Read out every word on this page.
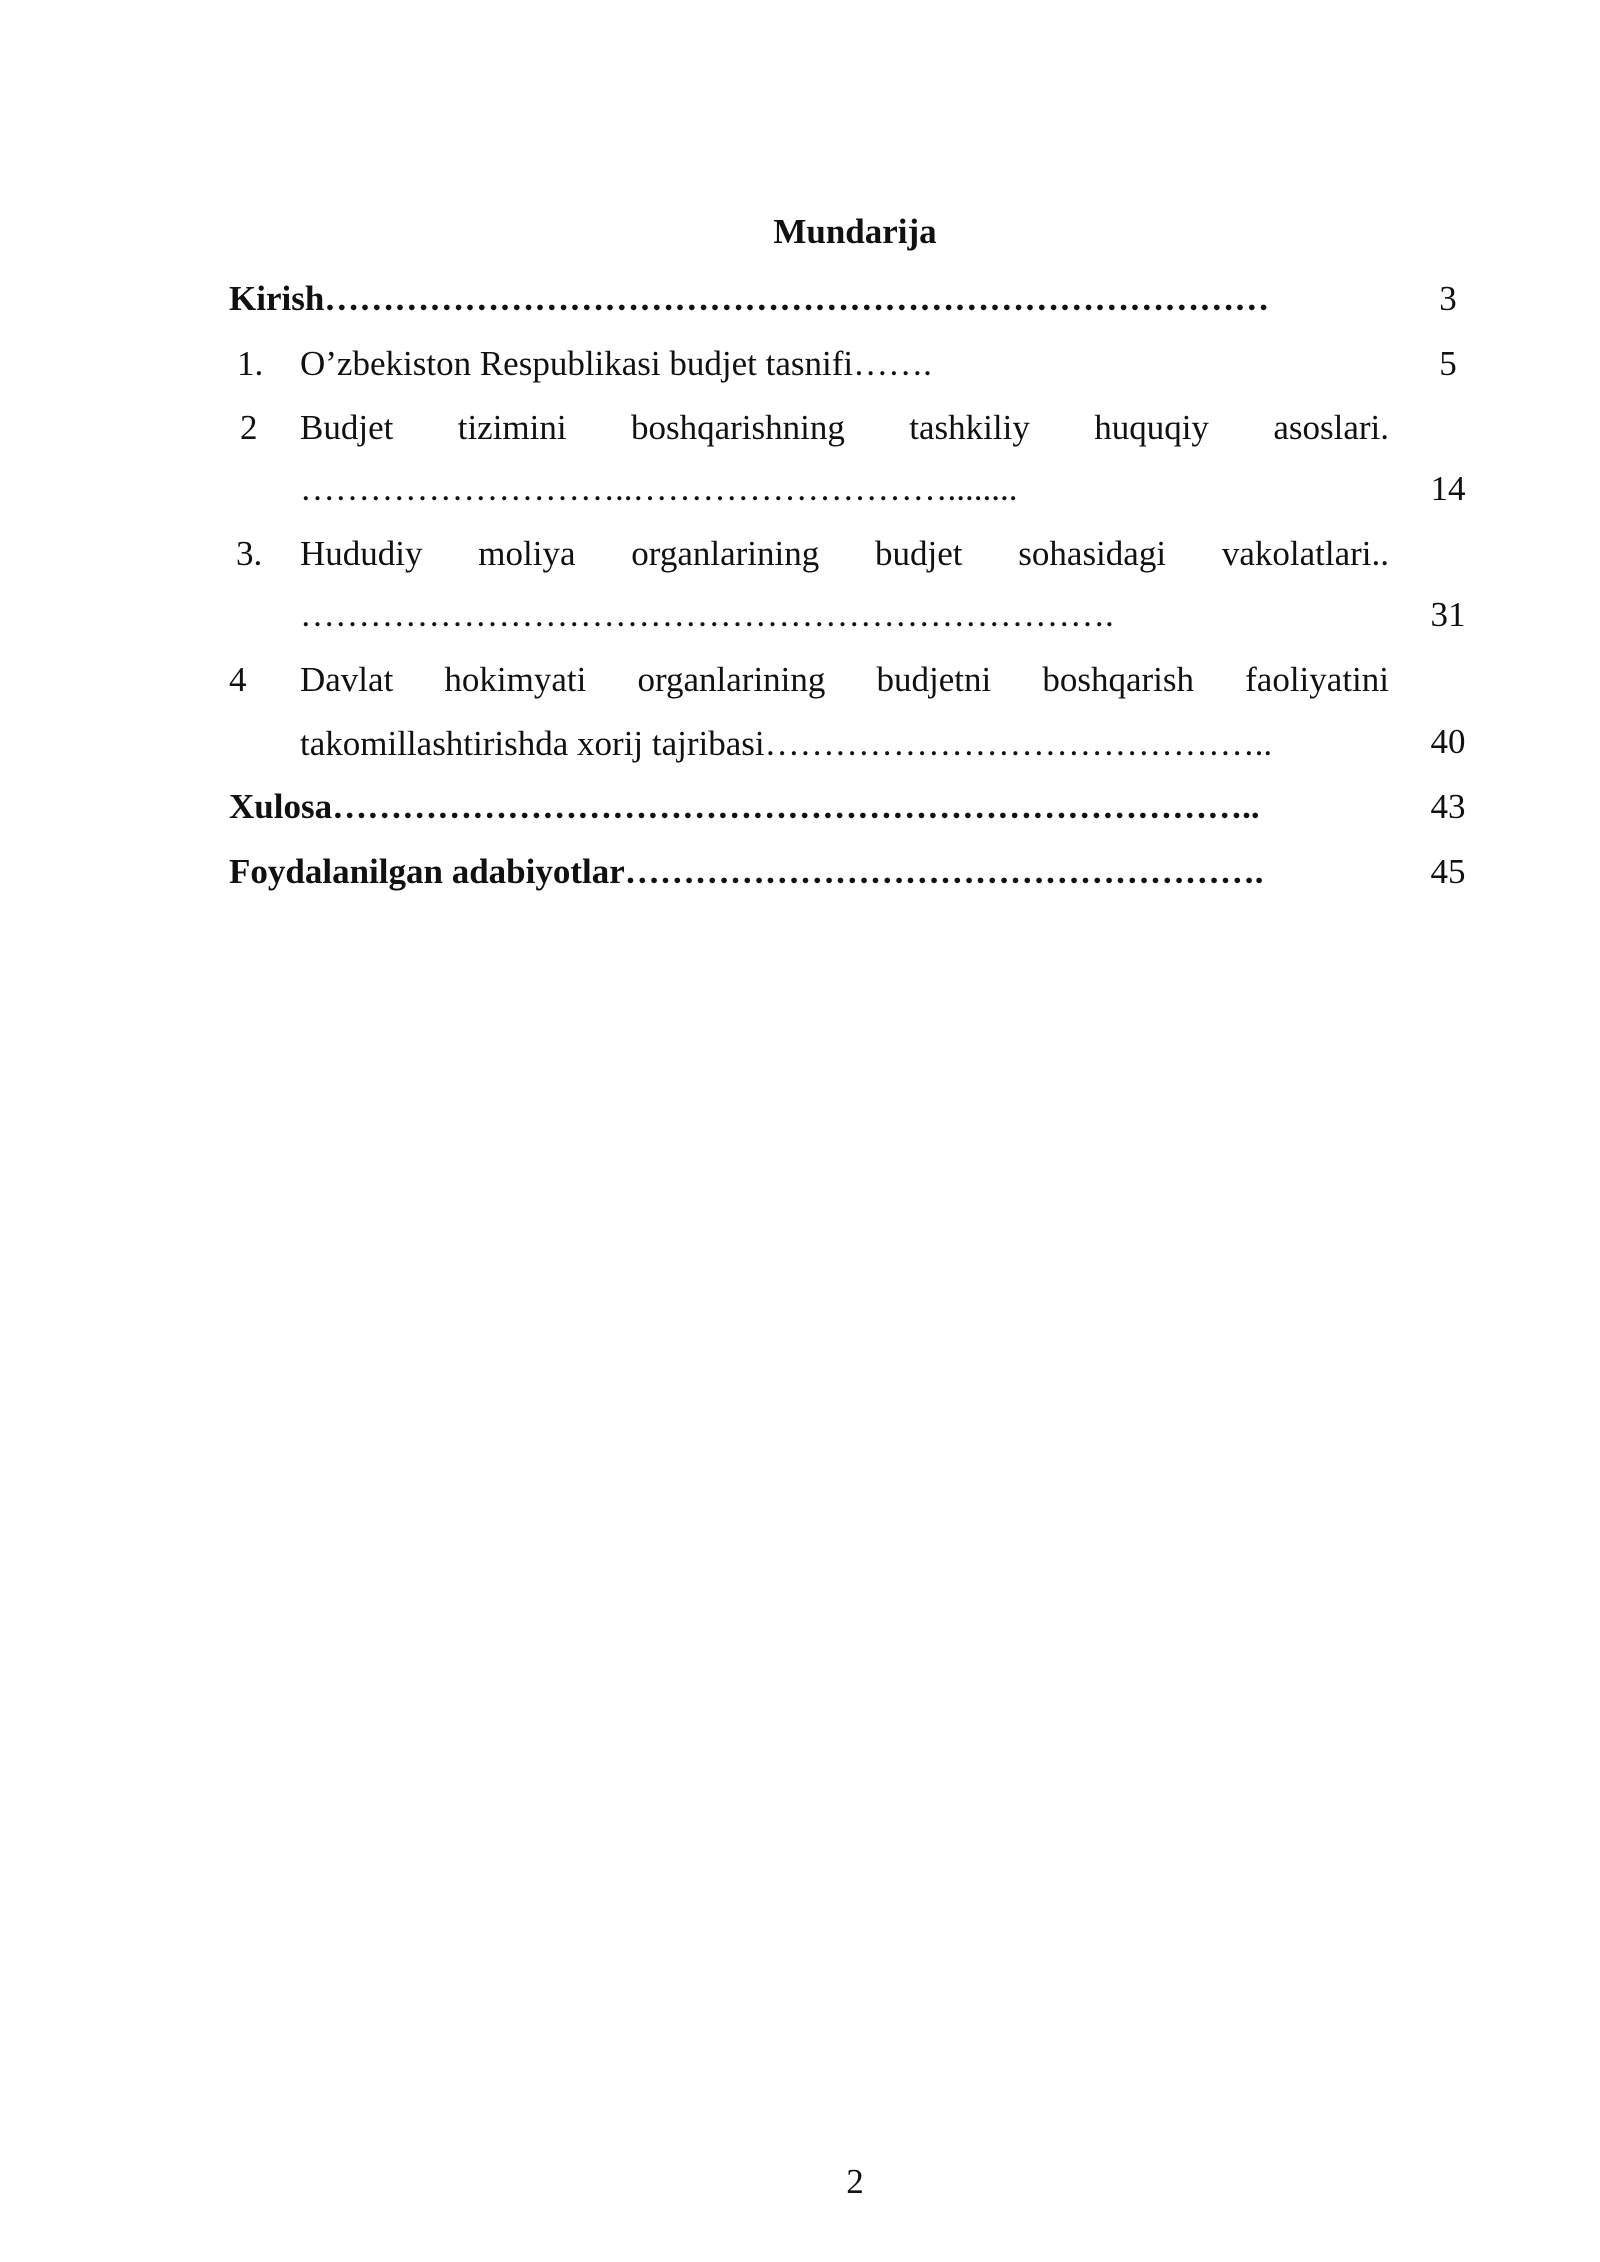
Mundarija
Kirish………………………………………………………………………	3
1. O’zbekiston Respublikasi budjet tasnifi…….	5
2 Budjet tizimini boshqarishning tashkiliy huquqiy asoslari.
………………………..………………………........	14
3. Hududiy moliya organlarining budjet sohasidagi vakolatlari..
…………………………………………………………….	31
4 Davlat hokimyati organlarining budjetni boshqarish faoliyatini
takomillashtirishda xorij tajribasi……………………………………..	40
Xulosa……………………………………………………………………..	43
Foydalanilgan adabiyotlar……………………………………………….	45
2
